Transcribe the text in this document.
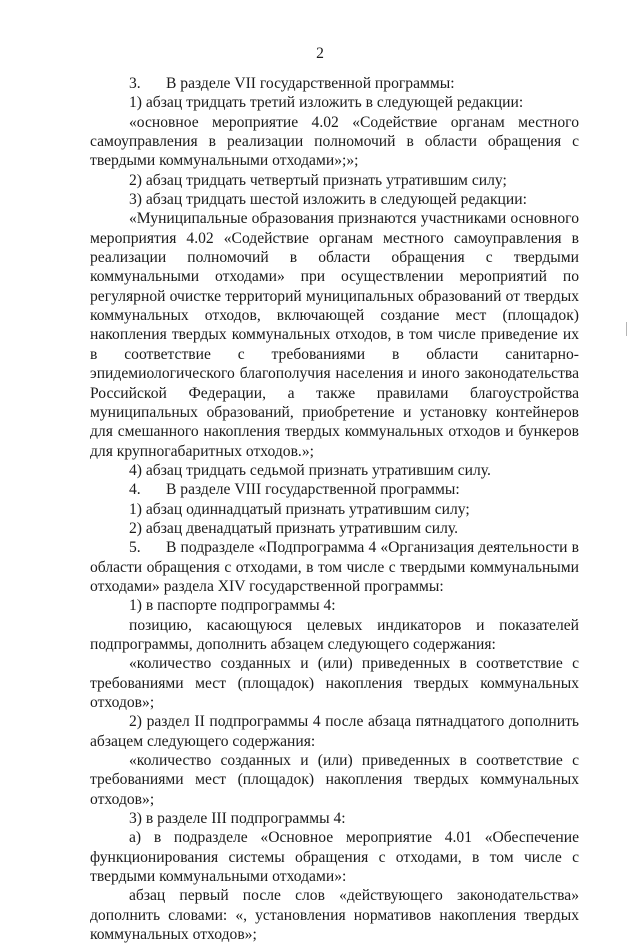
2

3. В разделе VII государственной программы:

1) абзац тридцать третий изложить в следующей редакции:

«основное мероприятие 4.02 «Содействие органам местного самоуправления в реализации полномочий в области обращения с твердыми коммунальными отходами»;»;

2) абзац тридцать четвертый признать утратившим силу;

3) абзац тридцать шестой изложить в следующей редакции:

«Муниципальные образования признаются участниками основного мероприятия 4.02 «Содействие органам местного самоуправления в реализации полномочий в области обращения с твердыми коммунальными отходами» при осуществлении мероприятий по регулярной очистке территорий муниципальных образований от твердых коммунальных отходов, включающей создание мест (площадок) накопления твердых коммунальных отходов, в том числе приведение их в соответствие с требованиями в области санитарно-эпидемиологического благополучия населения и иного законодательства Российской Федерации, а также правилами благоустройства муниципальных образований, приобретение и установку контейнеров для смешанного накопления твердых коммунальных отходов и бункеров для крупногабаритных отходов.»;

4) абзац тридцать седьмой признать утратившим силу.

4. В разделе VIII государственной программы:

1) абзац одиннадцатый признать утратившим силу;

2) абзац двенадцатый признать утратившим силу.

5. В подразделе «Подпрограмма 4 «Организация деятельности в области обращения с отходами, в том числе с твердыми коммунальными отходами» раздела XIV государственной программы:

1) в паспорте подпрограммы 4:

позицию, касающуюся целевых индикаторов и показателей подпрограммы, дополнить абзацем следующего содержания:

«количество созданных и (или) приведенных в соответствие с требованиями мест (площадок) накопления твердых коммунальных отходов»;

2) раздел II подпрограммы 4 после абзаца пятнадцатого дополнить абзацем следующего содержания:

«количество созданных и (или) приведенных в соответствие с требованиями мест (площадок) накопления твердых коммунальных отходов»;

3) в разделе III подпрограммы 4:

а) в подразделе «Основное мероприятие 4.01 «Обеспечение функционирования системы обращения с отходами, в том числе с твердыми коммунальными отходами»:

абзац первый после слов «действующего законодательства» дополнить словами: «, установления нормативов накопления твердых коммунальных отходов»;
